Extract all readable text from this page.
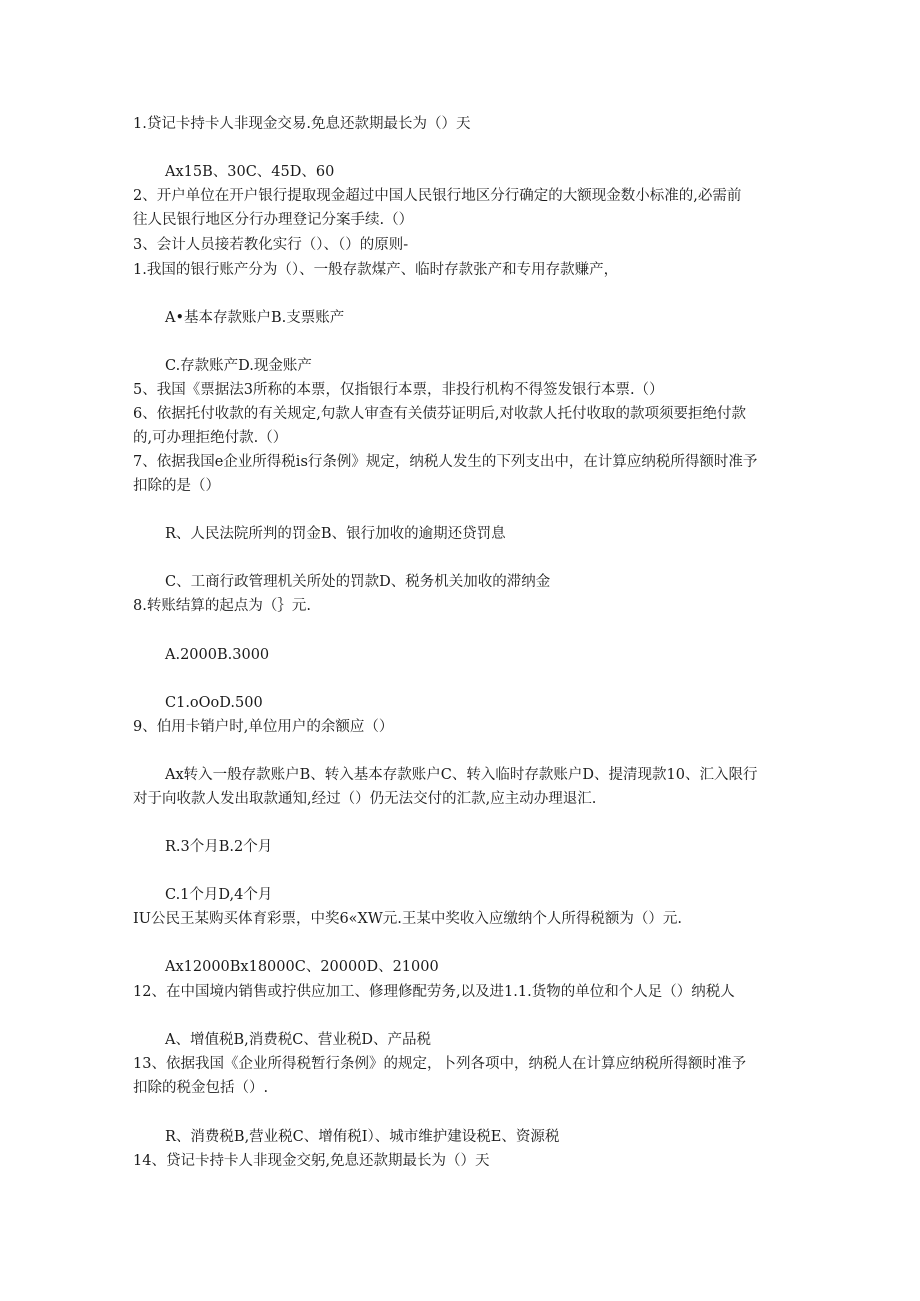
1.贷记卡持卡人非现金交易.免息还款期最长为（）天
Ax15B、30C、45D、60
2、开户单位在开户银行提取现金超过中国人民银行地区分行确定的大额现金数小标准的,必需前
往人民银行地区分行办理登记分案手续.（）
3、会计人员接若教化实行（）、（）的原则-
1.我国的银行账产分为（）、一般存款煤产、临时存款张产和专用存款赚产，
A•基本存款账户B.支票账产
C.存款账产D.现金账产
5、我国《票据法3所称的本票，仅指银行本票，非投行机构不得签发银行本票.（）
6、依据托付收款的有关规定,句款人审查有关债芬证明后,对收款人托付收取的款项须要拒绝付款
的,可办理拒绝付款.（）
7、依据我国e企业所得税is行条例》规定，纳税人发生的下列支出中，在计算应纳税所得额时准予
扣除的是（）
R、人民法院所判的罚金B、银行加收的逾期还贷罚息
C、工商行政管理机关所处的罚款D、税务机关加收的滞纳金
8.转账结算的起点为（｝元.
A.2000B.3000
C1.oOoD.500
9、伯用卡销户时,单位用户的余额应（）
Ax转入一般存款账户B、转入基本存款账户C、转入临时存款账户D、提清现款10、汇入限行
对于向收款人发出取款通知,经过（）仍无法交付的汇款,应主动办理退汇.
R.3个月B.2个月
C.1个月D,4个月
IU公民王某购买体育彩票，中奖6«XW元.王某中奖收入应缴纳个人所得税额为（）元.
Ax12000Bx18000C、20000D、21000
12、在中国境内销售或拧供应加工、修理修配劳务,以及进1.1.货物的单位和个人足（）纳税人
A、增值税B,消费税C、营业税D、产品税
13、依据我国《企业所得税暂行条例》的规定，卜列各项中，纳税人在计算应纳税所得额时准予
扣除的税金包括（）.
R、消费税B,营业税C、增侑税I）、城市维护建设税E、资源税
14、贷记卡持卡人非现金交躬,免息还款期最长为（）天
